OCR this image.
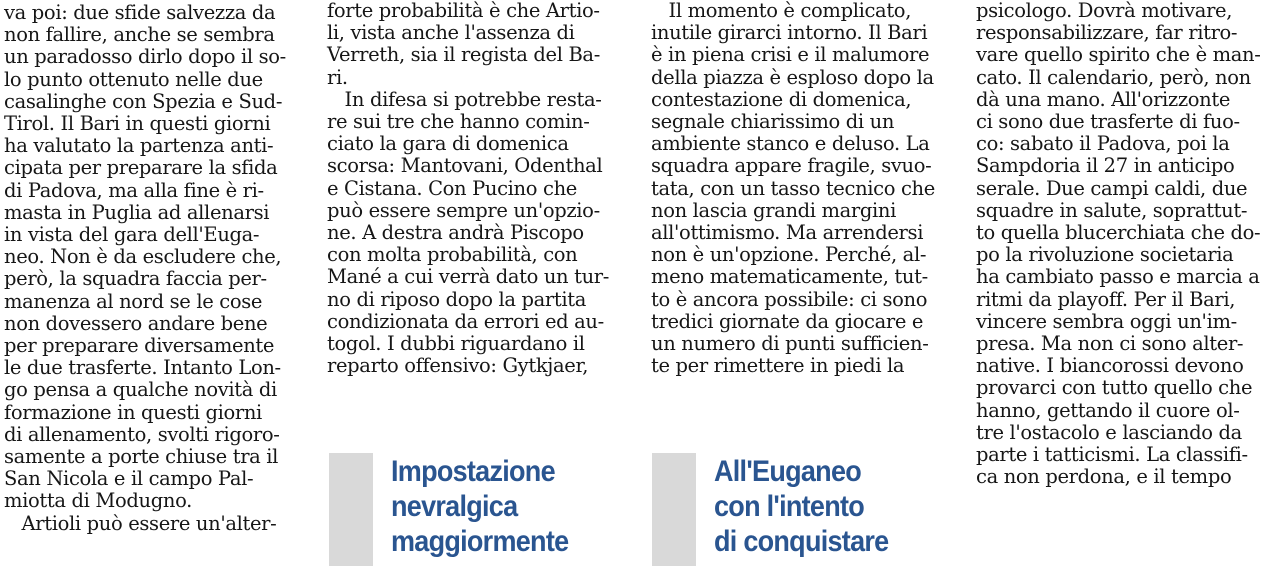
va poi: due sfide salvezza da

non fallire, anche se sembra

un paradosso dirlo dopo il so-

lo punto ottenuto nelle due

casalinghe con Spezia e Sud-

Tirol. Il Bari in questi giorni

ha valutato la partenza anti-

cipata per preparare la sfida

di Padova, ma alla fine è ri-

masta in Puglia ad allenarsi

in vista del gara dell'Euga-

neo. Non è da escludere che,

però, la squadra faccia per-

manenza al nord se le cose

non dovessero andare bene

per preparare diversamente

le due trasferte. Intanto Lon-

go pensa a qualche novità di

formazione in questi giorni

di allenamento, svolti rigoro-

samente a porte chiuse tra il

San Nicola e il campo Pal-

miotta di Modugno.

Artioli può essere un'alter-

forte probabilità è che Artio-

li, vista anche l'assenza di

Verreth, sia il regista del Ba-

ri.

In difesa si potrebbe resta-

re sui tre che hanno comin-

ciato la gara di domenica

scorsa: Mantovani, Odenthal

e Cistana. Con Pucino che

può essere sempre un'opzio-

ne. A destra andrà Piscopo

con molta probabilità, con

Mané a cui verrà dato un tur-

no di riposo dopo la partita

condizionata da errori ed au-

togol. I dubbi riguardano il

reparto offensivo: Gytkjaer,

Il momento è complicato,

inutile girarci intorno. Il Bari

è in piena crisi e il malumore

della piazza è esploso dopo la

contestazione di domenica,

segnale chiarissimo di un

ambiente stanco e deluso. La

squadra appare fragile, svuo-

tata, con un tasso tecnico che

non lascia grandi margini

all'ottimismo. Ma arrendersi

non è un'opzione. Perché, al-

meno matematicamente, tut-

to è ancora possibile: ci sono

tredici giornate da giocare e

un numero di punti sufficien-

te per rimettere in piedi la

psicologo. Dovrà motivare,

responsabilizzare, far ritro-

vare quello spirito che è man-

cato. Il calendario, però, non

dà una mano. All'orizzonte

ci sono due trasferte di fuo-

co: sabato il Padova, poi la

Sampdoria il 27 in anticipo

serale. Due campi caldi, due

squadre in salute, soprattut-

to quella blucerchiata che do-

po la rivoluzione societaria

ha cambiato passo e marcia a

ritmi da playoff. Per il Bari,

vincere sembra oggi un'im-

presa. Ma non ci sono alter-

native. I biancorossi devono

provarci con tutto quello che

hanno, gettando il cuore ol-

tre l'ostacolo e lasciando da

parte i tatticismi. La classifi-

ca non perdona, e il tempo

Impostazione
nevralgica
maggiormente
All'Euganeo
con l'intento
di conquistare
